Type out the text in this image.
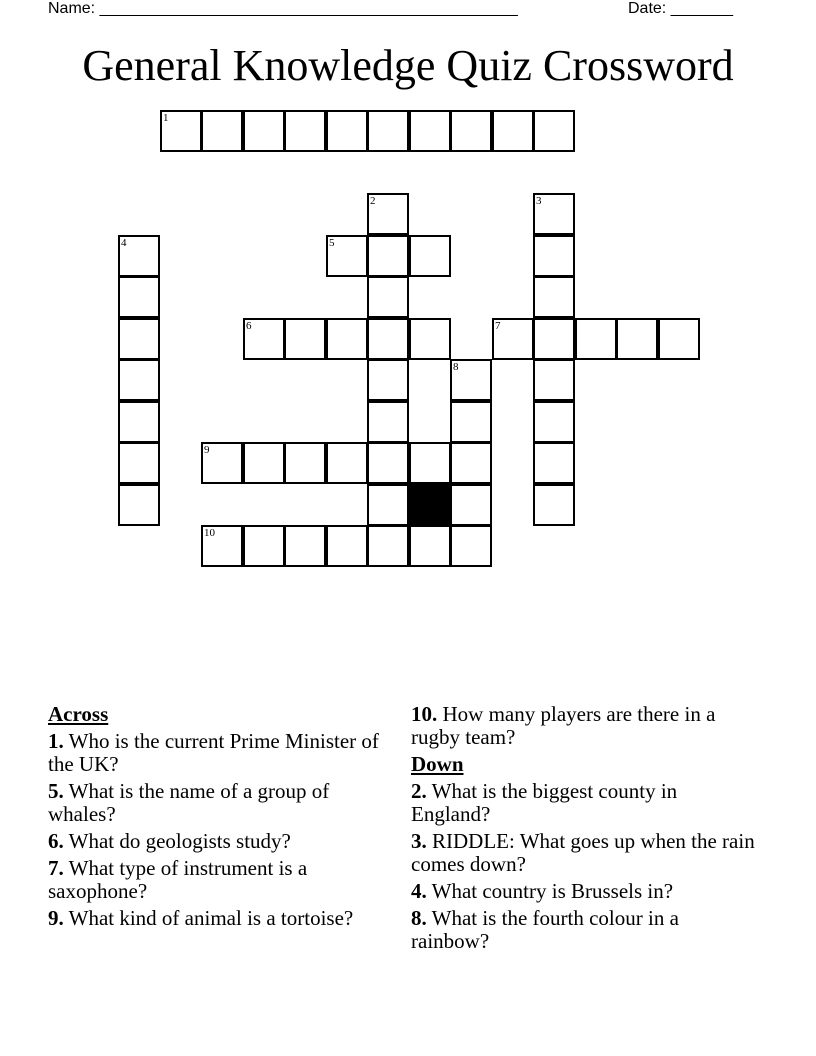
Name: _______________________________________________	Date: _______
General Knowledge Quiz Crossword
1
2	3
4	5
6	7
8
9
10
Across
1. Who is the current Prime Minister of the UK?
5. What is the name of a group of whales?
6. What do geologists study?
7. What type of instrument is a saxophone?
9. What kind of animal is a tortoise?
10. How many players are there in a rugby team?
Down
2. What is the biggest county in England?
3. RIDDLE: What goes up when the rain comes down?
4. What country is Brussels in?
8. What is the fourth colour in a rainbow?
